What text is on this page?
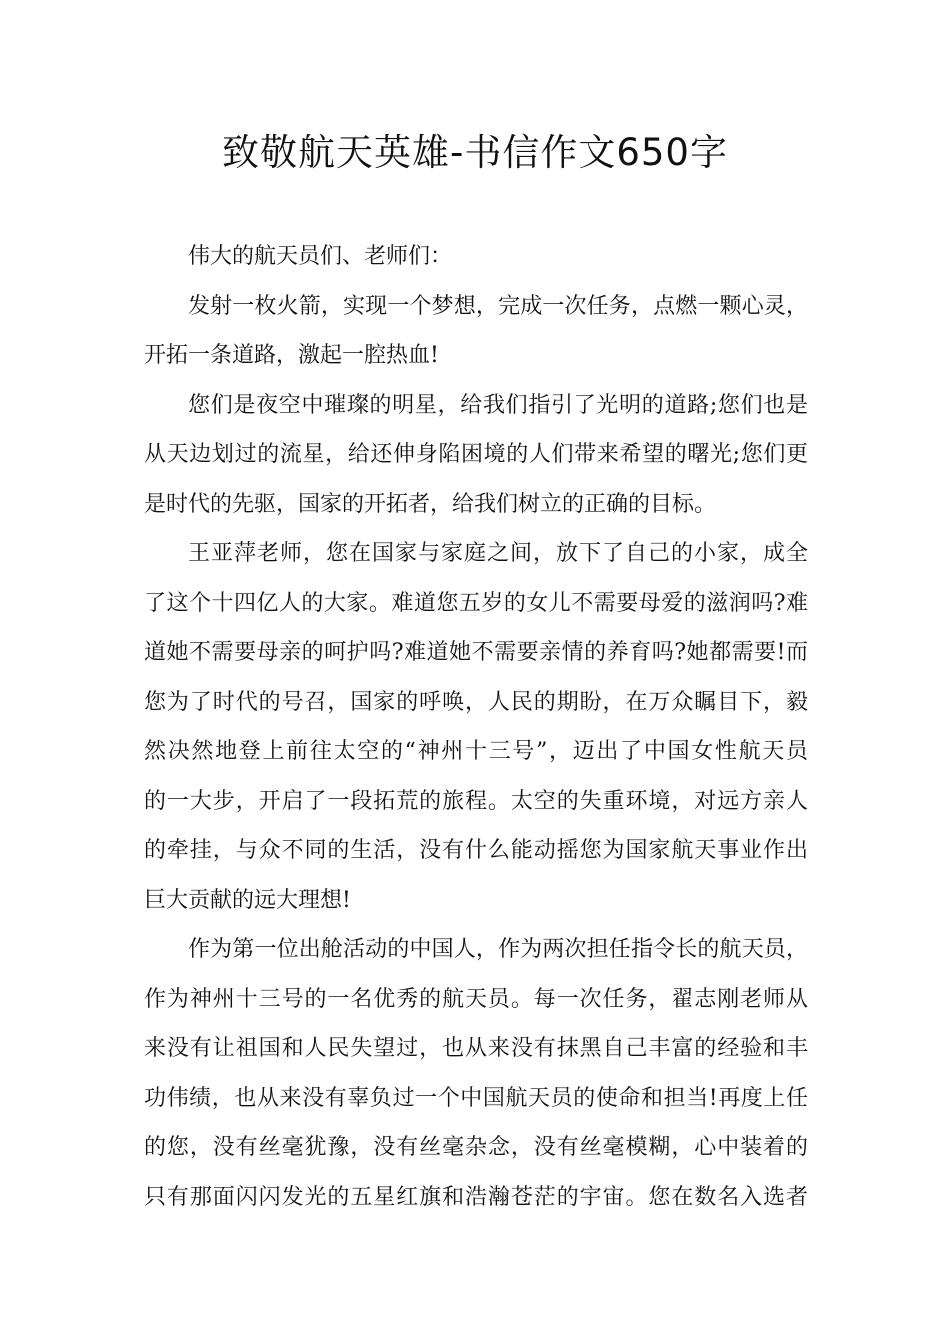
致敬航天英雄-书信作文650字
伟大的航天员们、老师们：
发射一枚火箭，实现一个梦想，完成一次任务，点燃一颗心灵，
开拓一条道路，激起一腔热血!
您们是夜空中璀璨的明星，给我们指引了光明的道路;您们也是
从天边划过的流星，给还伸身陷困境的人们带来希望的曙光;您们更
是时代的先驱，国家的开拓者，给我们树立的正确的目标。
王亚萍老师，您在国家与家庭之间，放下了自己的小家，成全
了这个十四亿人的大家。难道您五岁的女儿不需要母爱的滋润吗?难
道她不需要母亲的呵护吗?难道她不需要亲情的养育吗?她都需要!而
您为了时代的号召，国家的呼唤，人民的期盼，在万众瞩目下，毅
然决然地登上前往太空的“神州十三号”，迈出了中国女性航天员
的一大步，开启了一段拓荒的旅程。太空的失重环境，对远方亲人
的牵挂，与众不同的生活，没有什么能动摇您为国家航天事业作出
巨大贡献的远大理想!
作为第一位出舱活动的中国人，作为两次担任指令长的航天员，
作为神州十三号的一名优秀的航天员。每一次任务，翟志刚老师从
来没有让祖国和人民失望过，也从来没有抹黑自己丰富的经验和丰
功伟绩，也从来没有辜负过一个中国航天员的使命和担当!再度上任
的您，没有丝毫犹豫，没有丝毫杂念，没有丝毫模糊，心中装着的
只有那面闪闪发光的五星红旗和浩瀚苍茫的宇宙。您在数名入选者
